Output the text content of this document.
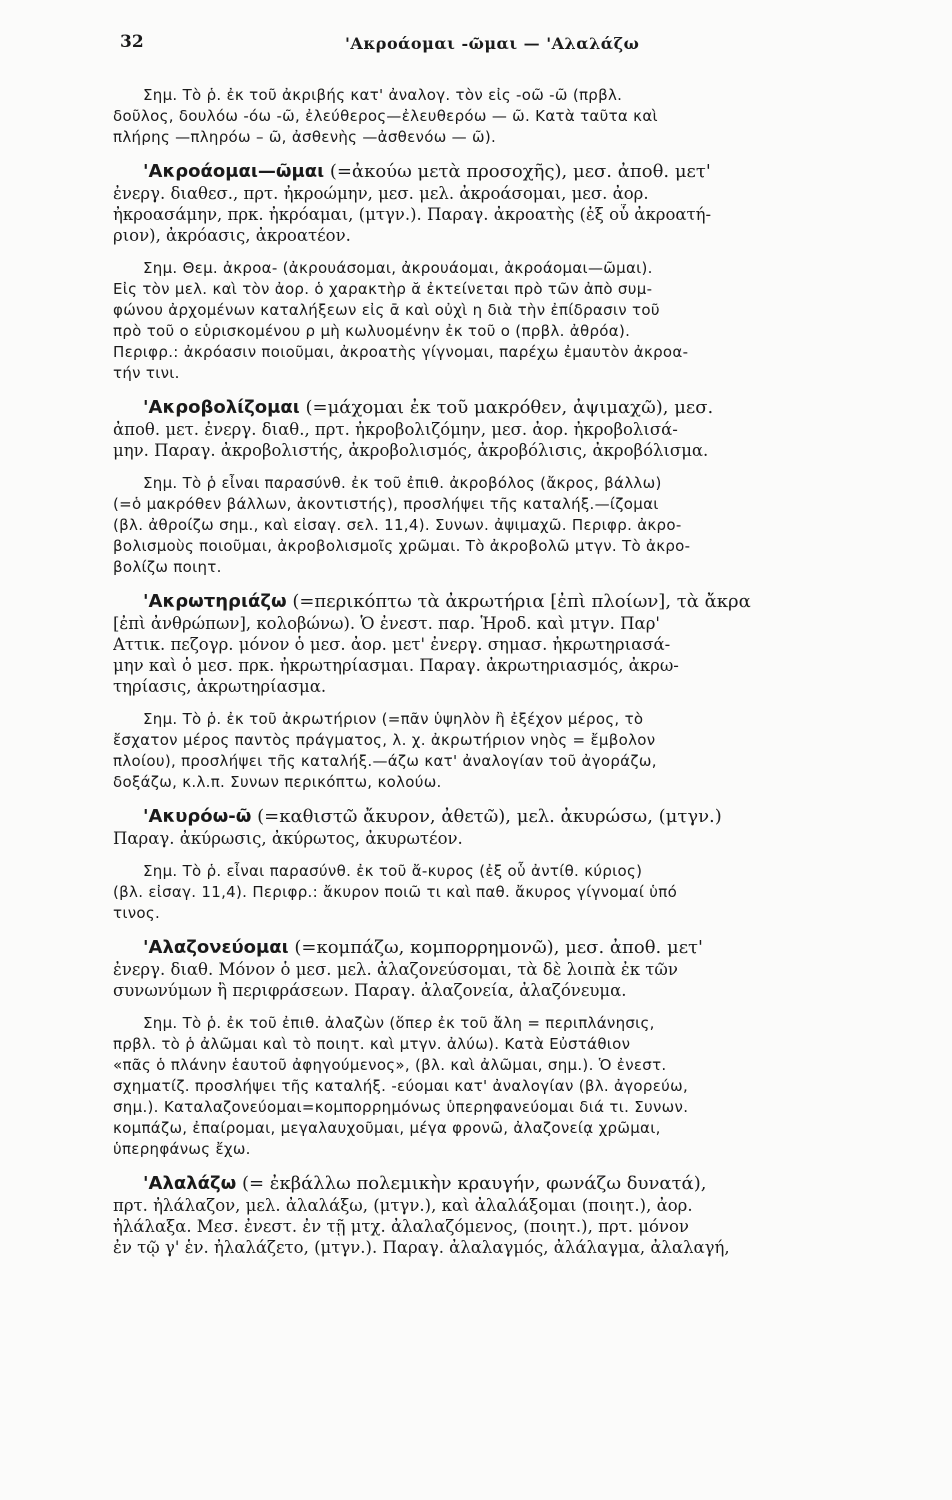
32	'Ακροάομαι -ῶμαι — 'Αλαλάζω
Σημ. Τὸ ῥ. ἐκ τοῦ ἀκριβής κατ' ἀναλογ. τὸν εἰς -οῶ -ῶ (πρβλ.
δοῦλος, δουλόω -όω -ῶ, ἐλεύθερος—ἐλευθερόω — ῶ. Κατὰ ταῦτα καὶ
πλήρης —πληρόω – ῶ, ἀσθενὴς —ἀσθενόω — ῶ).
'Ακροάομαι—ῶμαι (=ἀκούω μετὰ προσοχῆς), μεσ. ἀποθ. μετ'
ἐνεργ. διαθεσ., πρτ. ἠκροώμην, μεσ. μελ. ἀκροάσομαι, μεσ. ἀορ.
ἠκροασάμην, πρκ. ἠκρόαμαι, (μτγν.). Παραγ. ἀκροατὴς (ἐξ οὗ ἀκροατή-
ριον), ἀκρόασις, ἀκροατέον.
Σημ. Θεμ. ἀκροα- (ἀκρουάσομαι, ἀκρουάομαι, ἀκροάομαι—ῶμαι).
Εἰς τὸν μελ. καὶ τὸν ἀορ. ὁ χαρακτὴρ ᾰ ἐκτείνεται πρὸ τῶν ἀπὸ συμ-
φώνου ἀρχομένων καταλήξεων εἰς ᾱ καὶ οὐχὶ η διὰ τὴν ἐπίδρασιν τοῦ
πρὸ τοῦ ο εὑρισκομένου ρ μὴ κωλυομένην ἐκ τοῦ ο (πρβλ. ἀθρόα).
Περιφρ.: ἀκρόασιν ποιοῦμαι, ἀκροατὴς γίγνομαι, παρέχω ἐμαυτὸν ἀκροα-
τήν τινι.
'Ακροβολίζομαι (=μάχομαι ἐκ τοῦ μακρόθεν, ἀψιμαχῶ), μεσ.
ἀποθ. μετ. ἐνεργ. διαθ., πρτ. ἠκροβολιζόμην, μεσ. ἀορ. ἠκροβολισά-
μην. Παραγ. ἀκροβολιστής, ἀκροβολισμός, ἀκροβόλισις, ἀκροβόλισμα.
Σημ. Τὸ ῥ εἶναι παρασύνθ. ἐκ τοῦ ἐπιθ. ἀκροβόλος (ἄκρος, βάλλω)
(=ὁ μακρόθεν βάλλων, ἀκοντιστής), προσλήψει τῆς καταλήξ.—ίζομαι
(βλ. ἀθροίζω σημ., καὶ εἰσαγ. σελ. 11,4). Συνων. ἀψιμαχῶ. Περιφρ. ἀκρο-
βολισμοὺς ποιοῦμαι, ἀκροβολισμοῖς χρῶμαι. Τὸ ἀκροβολῶ μτγν. Τὸ ἀκρο-
βολίζω ποιητ.
'Ακρωτηριάζω (=περικόπτω τὰ ἀκρωτήρια [ἐπὶ πλοίων], τὰ ἄκρα
[ἐπὶ ἀνθρώπων], κολοβώνω). Ὁ ἐνεστ. παρ. Ἡροδ. καὶ μτγν. Παρ'
Αττικ. πεζογρ. μόνον ὁ μεσ. ἀορ. μετ' ἐνεργ. σημασ. ἠκρωτηριασά-
μην καὶ ὁ μεσ. πρκ. ἠκρωτηρίασμαι. Παραγ. ἀκρωτηριασμός, ἀκρω-
τηρίασις, ἀκρωτηρίασμα.
Σημ. Τὸ ῥ. ἐκ τοῦ ἀκρωτήριον (=πᾶν ὑψηλὸν ἢ ἐξέχον μέρος, τὸ
ἔσχατον μέρος παντὸς πράγματος, λ. χ. ἀκρωτήριον νηὸς = ἔμβολον
πλοίου), προσλήψει τῆς καταλήξ.—άζω κατ' ἀναλογίαν τοῦ ἀγοράζω,
δοξάζω, κ.λ.π. Συνων περικόπτω, κολούω.
'Ακυρόω-ῶ (=καθιστῶ ἄκυρον, ἀθετῶ), μελ. ἀκυρώσω, (μτγν.)
Παραγ. ἀκύρωσις, ἀκύρωτος, ἀκυρωτέον.
Σημ. Τὸ ῥ. εἶναι παρασύνθ. ἐκ τοῦ ἄ-κυρος (ἐξ οὗ ἀντίθ. κύριος)
(βλ. εἰσαγ. 11,4). Περιφρ.: ἄκυρον ποιῶ τι καὶ παθ. ἄκυρος γίγνομαί ὑπό
τινος.
'Αλαζονεύομαι (=κομπάζω, κομπορρημονῶ), μεσ. ἀποθ. μετ'
ἐνεργ. διαθ. Μόνον ὁ μεσ. μελ. ἀλαζονεύσομαι, τὰ δὲ λοιπὰ ἐκ τῶν
συνωνύμων ἢ περιφράσεων. Παραγ. ἀλαζονεία, ἀλαζόνευμα.
Σημ. Τὸ ῥ. ἐκ τοῦ ἐπιθ. ἀλαζὼν (ὅπερ ἐκ τοῦ ἄλη = περιπλάνησις,
πρβλ. τὸ ῥ ἀλῶμαι καὶ τὸ ποιητ. καὶ μτγν. ἀλύω). Κατὰ Εὐστάθιον
«πᾶς ὁ πλάνην ἑαυτοῦ ἀφηγούμενος», (βλ. καὶ ἀλῶμαι, σημ.). Ὁ ἐνεστ.
σχηματίζ. προσλήψει τῆς καταλήξ. -εύομαι κατ' ἀναλογίαν (βλ. ἀγορεύω,
σημ.). Καταλαζονεύομαι=κομπορρημόνως ὑπερηφανεύομαι διά τι. Συνων.
κομπάζω, ἐπαίρομαι, μεγαλαυχοῦμαι, μέγα φρονῶ, ἀλαζονείᾳ χρῶμαι,
ὑπερηφάνως ἔχω.
'Αλαλάζω (= ἐκβάλλω πολεμικὴν κραυγήν, φωνάζω δυνατά),
πρτ. ἠλάλαζον, μελ. ἀλαλάξω, (μτγν.), καὶ ἀλαλάξομαι (ποιητ.), ἀορ.
ἠλάλαξα. Μεσ. ἐνεστ. ἐν τῇ μτχ. ἀλαλαζόμενος, (ποιητ.), πρτ. μόνον
ἐν τῷ γ' ἑν. ἠλαλάζετο, (μτγν.). Παραγ. ἀλαλαγμός, ἀλάλαγμα, ἀλαλαγή,
